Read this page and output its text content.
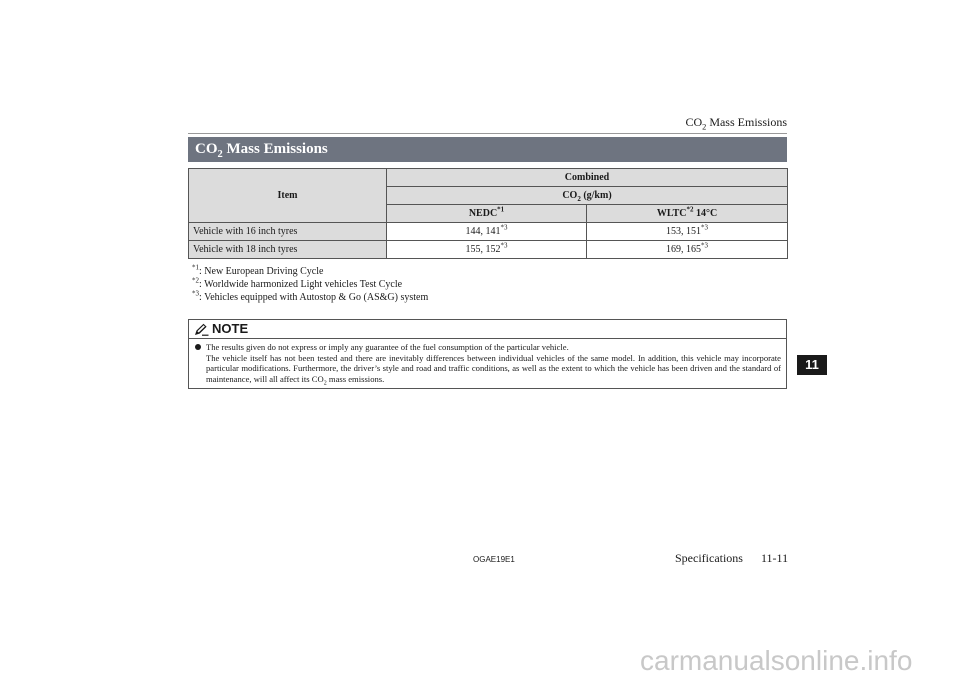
$CO_2$ Mass Emissions
$CO_2$ Mass Emissions
Item	Combined	
	$CO_2$ (g/km)	
	NEDC$^{*1}$	WLTC$^{*2}$ 14°C
Vehicle with 16 inch tyres	144, 141$^{*3}$	153, 151$^{*3}$
Vehicle with 18 inch tyres	155, 152$^{*3}$	169, 165$^{*3}$
$^{*1}$: New European Driving Cycle
$^{*2}$: Worldwide harmonized Light vehicles Test Cycle
$^{*3}$: Vehicles equipped with Autostop & Go (AS&G) system
NOTE
The results given do not express or imply any guarantee of the fuel consumption of the particular vehicle.
The vehicle itself has not been tested and there are inevitably differences between individual vehicles of the same model. In addition, this vehicle may incorporate particular modifications. Furthermore, the driver’s style and road and traffic conditions, as well as the extent to which the vehicle has been driven and the standard of maintenance, will all affect its $CO_2$ mass emissions.
11
OGAE19E1	Specifications 11-11
carmanualsonline.info
